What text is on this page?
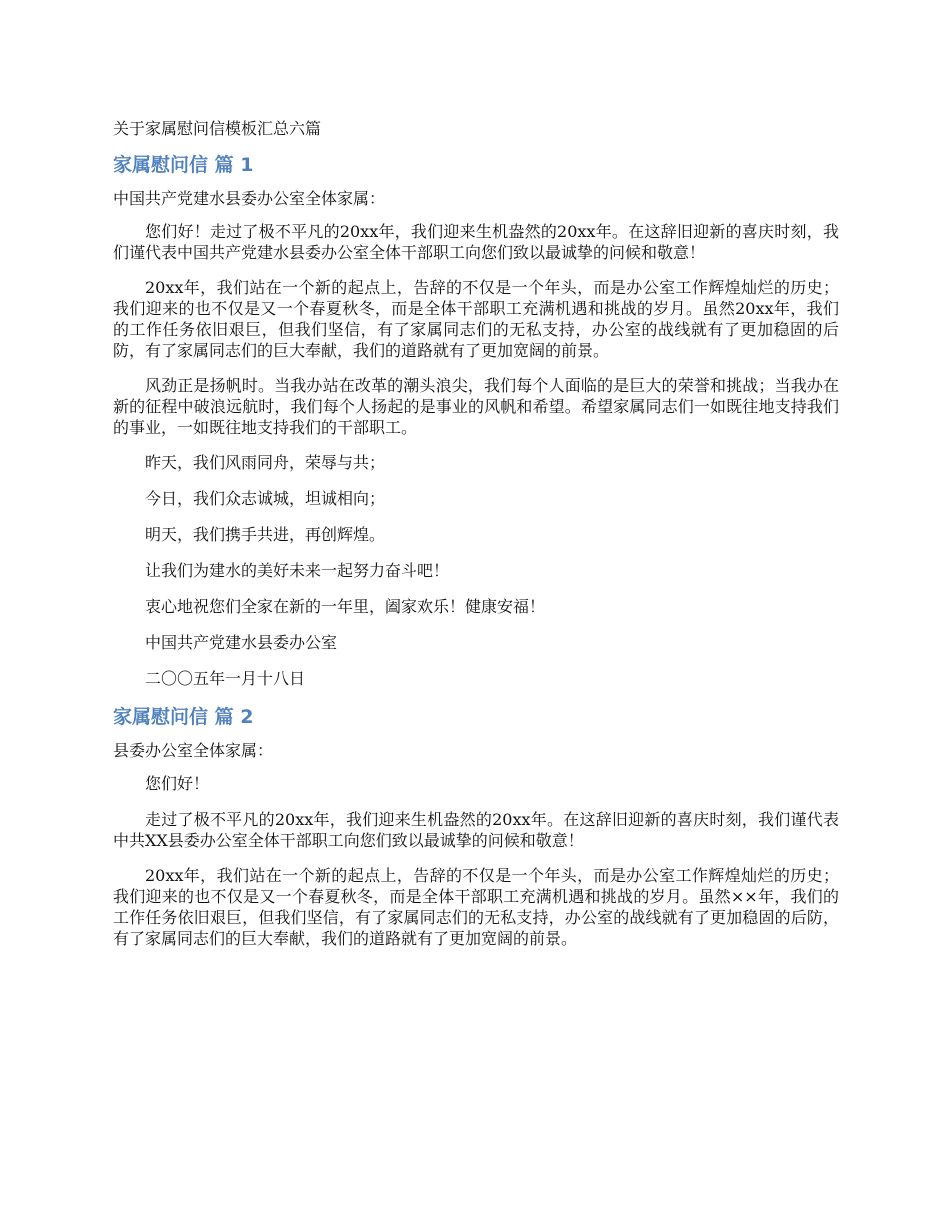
关于家属慰问信模板汇总六篇
家属慰问信 篇 1
中国共产党建水县委办公室全体家属：

您们好！走过了极不平凡的20xx年，我们迎来生机盎然的20xx年。在这辞旧迎新的喜庆时刻，我们谨代表中国共产党建水县委办公室全体干部职工向您们致以最诚挚的问候和敬意！

20xx年，我们站在一个新的起点上，告辞的不仅是一个年头，而是办公室工作辉煌灿烂的历史；我们迎来的也不仅是又一个春夏秋冬，而是全体干部职工充满机遇和挑战的岁月。虽然20xx年，我们的工作任务依旧艰巨，但我们坚信，有了家属同志们的无私支持，办公室的战线就有了更加稳固的后防，有了家属同志们的巨大奉献，我们的道路就有了更加宽阔的前景。

风劲正是扬帆时。当我办站在改革的潮头浪尖，我们每个人面临的是巨大的荣誉和挑战；当我办在新的征程中破浪远航时，我们每个人扬起的是事业的风帆和希望。希望家属同志们一如既往地支持我们的事业，一如既往地支持我们的干部职工。

昨天，我们风雨同舟，荣辱与共；

今日，我们众志诚城，坦诚相向；

明天，我们携手共进，再创辉煌。

让我们为建水的美好未来一起努力奋斗吧！

衷心地祝您们全家在新的一年里，阖家欢乐！健康安福！

中国共产党建水县委办公室

二〇〇五年一月十八日

家属慰问信 篇 2
县委办公室全体家属：

您们好！

走过了极不平凡的20xx年，我们迎来生机盎然的20xx年。在这辞旧迎新的喜庆时刻，我们谨代表中共XX县委办公室全体干部职工向您们致以最诚挚的问候和敬意！

20xx年，我们站在一个新的起点上，告辞的不仅是一个年头，而是办公室工作辉煌灿烂的历史；我们迎来的也不仅是又一个春夏秋冬，而是全体干部职工充满机遇和挑战的岁月。虽然××年，我们的工作任务依旧艰巨，但我们坚信，有了家属同志们的无私支持，办公室的战线就有了更加稳固的后防，有了家属同志们的巨大奉献，我们的道路就有了更加宽阔的前景。
